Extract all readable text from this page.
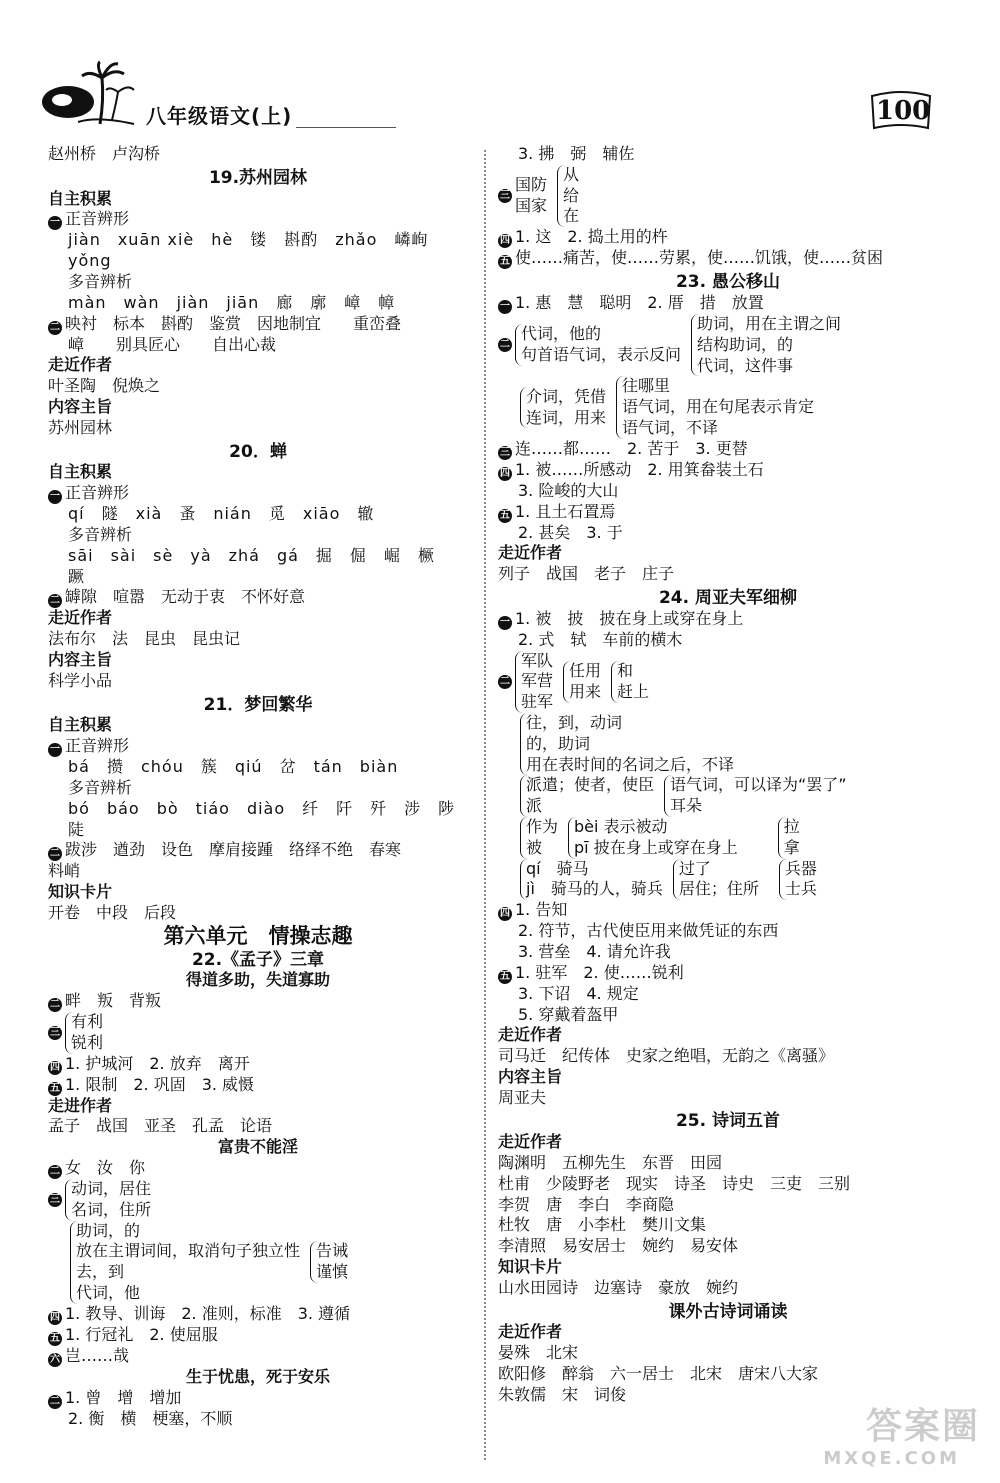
八年级语文(上)	100
赵州桥　卢沟桥
19.苏州园林
自主积累
一 正音辨形
jiàn　xuān xiè　hè　镂　斟酌　zhǎo　嶙峋
yǒng
多音辨析
màn　wàn　jiàn　jiān　廊　廓　嶂　幛
二 映衬　标本　斟酌　鉴赏　因地制宜　　重峦叠
嶂　　别具匠心　　自出心裁
走近作者
叶圣陶　倪焕之
内容主旨
苏州园林
20．蝉
自主积累
一 正音辨形
qí　隧　xià　蚤　nián　觅　xiāo　辙
多音辨析
sāi　sài　sè　yà　zhá　gá　掘　倔　崛　橛
蹶
二 罅隙　喧嚣　无动于衷　不怀好意
走近作者
法布尔　法　昆虫　昆虫记
内容主旨
科学小品
21．梦回繁华
自主积累
一 正音辨形
bá　攒　chóu　簇　qiú　岔　tán　biàn
多音辨析
bó　báo　bò　tiáo　diào　纤　阡　歼　涉　陟
陡
二 跋涉　遒劲　设色　摩肩接踵　络绎不绝　春寒
料峭
知识卡片
开卷　中段　后段
第六单元　情操志趣
22.《孟子》三章
得道多助，失道寡助
二 畔　叛　背叛
三
有利
锐利
四 1. 护城河　2. 放弃　离开
五 1. 限制　2. 巩固　3. 威慑
走进作者
孟子　战国　亚圣　孔孟　论语
富贵不能淫
二 女　汝　你
三
动词，居住
名词，住所
助词，的
放在主谓词间，取消句子独立性
去，到
代词，他
告诫
谨慎
四 1. 教导、训诲　2. 准则，标准　3. 遵循
五 1. 行冠礼　2. 使屈服
六 岂……哉
生于忧患，死于安乐
二 1. 曾　增　增加
2. 衡　横　梗塞，不顺
3. 拂　弼　辅佐
三
国防
国家
从
给
在
四 1. 这　2. 捣土用的杵
五 使……痛苦，使……劳累，使……饥饿，使……贫困
23. 愚公移山
一 1. 惠　慧　聪明　2. 厝　措　放置
二
代词，他的
句首语气词，表示反问
助词，用在主谓之间
结构助词，的
代词，这件事
介词，凭借
连词，用来
往哪里
语气词，用在句尾表示肯定
语气词，不译
三 连……都……　2. 苦于　3. 更替
四 1. 被……所感动　2. 用箕畚装土石
3. 险峻的大山
五 1. 且土石置焉
2. 甚矣　3. 于
走近作者
列子　战国　老子　庄子
24. 周亚夫军细柳
一 1. 被　披　披在身上或穿在身上
2. 式　轼　车前的横木
二
军队
军营
驻军
任用
用来
和
赶上
往，到，动词
的，助词
用在表时间的名词之后，不译
派遣；使者，使臣
派
语气词，可以译为“罢了”
耳朵
作为
被
bèi 表示被动
pī 披在身上或穿在身上
拉
拿
qí　骑马
jì　骑马的人，骑兵
过了
居住；住所
兵器
士兵
四 1. 告知
2. 符节，古代使臣用来做凭证的东西
3. 营垒　4. 请允许我
五 1. 驻军　2. 使……锐利
3. 下诏　4. 规定
5. 穿戴着盔甲
走近作者
司马迁　纪传体　史家之绝唱，无韵之《离骚》
内容主旨
周亚夫
25. 诗词五首
走近作者
陶渊明　五柳先生　东晋　田园
杜甫　少陵野老　现实　诗圣　诗史　三吏　三别
李贺　唐　李白　李商隐
杜牧　唐　小李杜　樊川文集
李清照　易安居士　婉约　易安体
知识卡片
山水田园诗　边塞诗　豪放　婉约
课外古诗词诵读
走近作者
晏殊　北宋
欧阳修　醉翁　六一居士　北宋　唐宋八大家
朱敦儒　宋　词俊
答案圈
MXQE.COM
